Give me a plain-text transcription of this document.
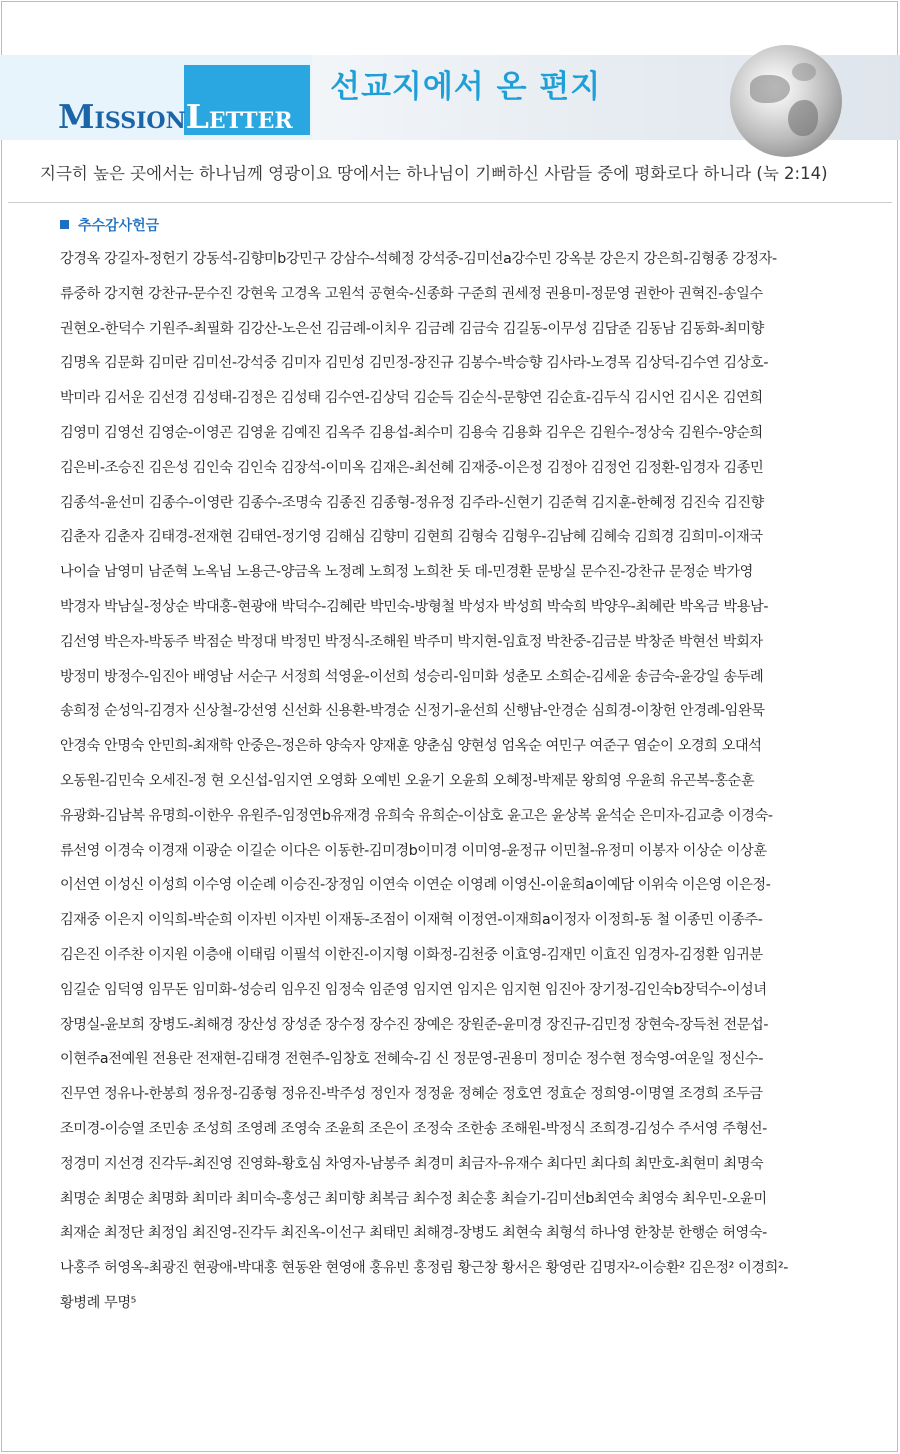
MISSIONLETTER
선교지에서 온 편지
지극히 높은 곳에서는 하나님께 영광이요 땅에서는 하나님이 기뻐하신 사람들 중에 평화로다 하니라 (눅 2:14)
추수감사헌금
강경옥 강길자-정헌기 강동석-김향미b강민구 강삼수-석혜정 강석중-김미선a강수민 강옥분 강은지 강은희-김형종 강정자-
류중하 강지현 강찬규-문수진 강현욱 고경옥 고원석 공현숙-신종화 구준희 권세정 권용미-정문영 권한아 권혁진-송일수
권현오-한덕수 기원주-최필화 김강산-노은선 김금례-이치우 김금례 김금숙 김길동-이무성 김담준 김동남 김동화-최미향
김명옥 김문화 김미란 김미선-강석중 김미자 김민성 김민정-장진규 김봉수-박승향 김사라-노경목 김상덕-김수연 김상호-
박미라 김서운 김선경 김성태-김정은 김성태 김수연-김상덕 김순득 김순식-문향연 김순효-김두식 김시언 김시온 김연희
김영미 김영선 김영순-이영곤 김영윤 김예진 김옥주 김용섭-최수미 김용숙 김용화 김우은 김원수-정상숙 김원수-양순희
김은비-조승진 김은성 김인숙 김인숙 김장석-이미옥 김재은-최선혜 김재중-이은정 김정아 김정언 김정환-임경자 김종민
김종석-윤선미 김종수-이영란 김종수-조명숙 김종진 김종형-정유정 김주라-신현기 김준혁 김지훈-한혜정 김진숙 김진향
김춘자 김춘자 김태경-전재현 김태연-정기영 김해심 김향미 김현희 김형숙 김형우-김남혜 김혜숙 김희경 김희미-이재국
나이슬 남영미 남준혁 노옥님 노용근-양금옥 노정례 노희정 노희찬 돗 데-민경환 문방실 문수진-강찬규 문정순 박가영
박경자 박남실-정상순 박대홍-현광애 박덕수-김혜란 박민숙-방형철 박성자 박성희 박숙희 박양우-최혜란 박옥금 박용남-
김선영 박은자-박동주 박점순 박정대 박정민 박정식-조해원 박주미 박지현-임효정 박찬중-김금분 박창준 박현선 박회자
방정미 방정수-임진아 배영남 서순구 서정희 석영윤-이선희 성승리-임미화 성춘모 소희순-김세윤 송금숙-윤강일 송두례
송희정 순성익-김경자 신상철-강선영 신선화 신용환-박경순 신정기-윤선희 신행남-안경순 심희경-이창헌 안경례-임완묵
안경숙 안명숙 안민희-최재학 안중은-정은하 양숙자 양재훈 양춘심 양현성 엄옥순 여민구 여준구 염순이 오경희 오대석
오동원-김민숙 오세진-정 현 오신섭-임지연 오영화 오예빈 오윤기 오윤희 오혜정-박제문 왕희영 우윤희 유곤복-홍순훈
유광화-김남복 유명희-이한우 유원주-임정연b유재경 유희숙 유희순-이삼호 윤고은 윤상복 윤석순 은미자-김교층 이경숙-
류선영 이경숙 이경재 이광순 이길순 이다은 이동한-김미경b이미경 이미영-윤정규 이민철-유정미 이봉자 이상순 이상훈
이선연 이성신 이성희 이수영 이순례 이승진-장정임 이연숙 이연순 이영례 이영신-이윤희a이예담 이위숙 이은영 이은정-
김재중 이은지 이익희-박순희 이자빈 이자빈 이재동-조점이 이재혁 이정연-이재희a이정자 이정희-동 철 이종민 이종주-
김은진 이주찬 이지원 이층애 이태림 이필석 이한진-이지형 이화정-김천중 이효영-김재민 이효진 임경자-김정환 임귀분
임길순 임덕영 임무돈 임미화-성승리 임우진 임정숙 임준영 임지연 임지은 임지현 임진아 장기정-김인숙b장덕수-이성녀
장명실-윤보희 장병도-최해경 장산성 장성준 장수정 장수진 장예은 장원준-윤미경 장진규-김민정 장현숙-장득천 전문섭-
이현주a전예원 전용란 전재현-김태경 전현주-임창호 전혜숙-김 신 정문영-권용미 정미순 정수현 정숙영-여운일 정신수-
진무연 정유나-한봉희 정유정-김종형 정유진-박주성 정인자 정정윤 정혜순 정호연 정효순 정희영-이명열 조경희 조두금
조미경-이승열 조민송 조성희 조영례 조영숙 조윤희 조은이 조정숙 조한송 조해원-박정식 조희경-김성수 주서영 주형선-
정경미 지선경 진각두-최진영 진영화-황호심 차영자-남봉주 최경미 최금자-유재수 최다민 최다희 최만호-최현미 최명숙
최명순 최명순 최명화 최미라 최미숙-홍성근 최미향 최복금 최수정 최순홍 최슬기-김미선b최연숙 최영숙 최우민-오윤미
최재순 최정단 최정임 최진영-진각두 최진옥-이선구 최태민 최해경-장병도 최현숙 최형석 하나영 한창분 한행순 허영숙-
나홍주 허영옥-최광진 현광애-박대홍 현동완 현영애 홍유빈 홍정림 황근창 황서은 황영란 김명자²-이승환² 김은정² 이경희²-
황병례 무명⁵
